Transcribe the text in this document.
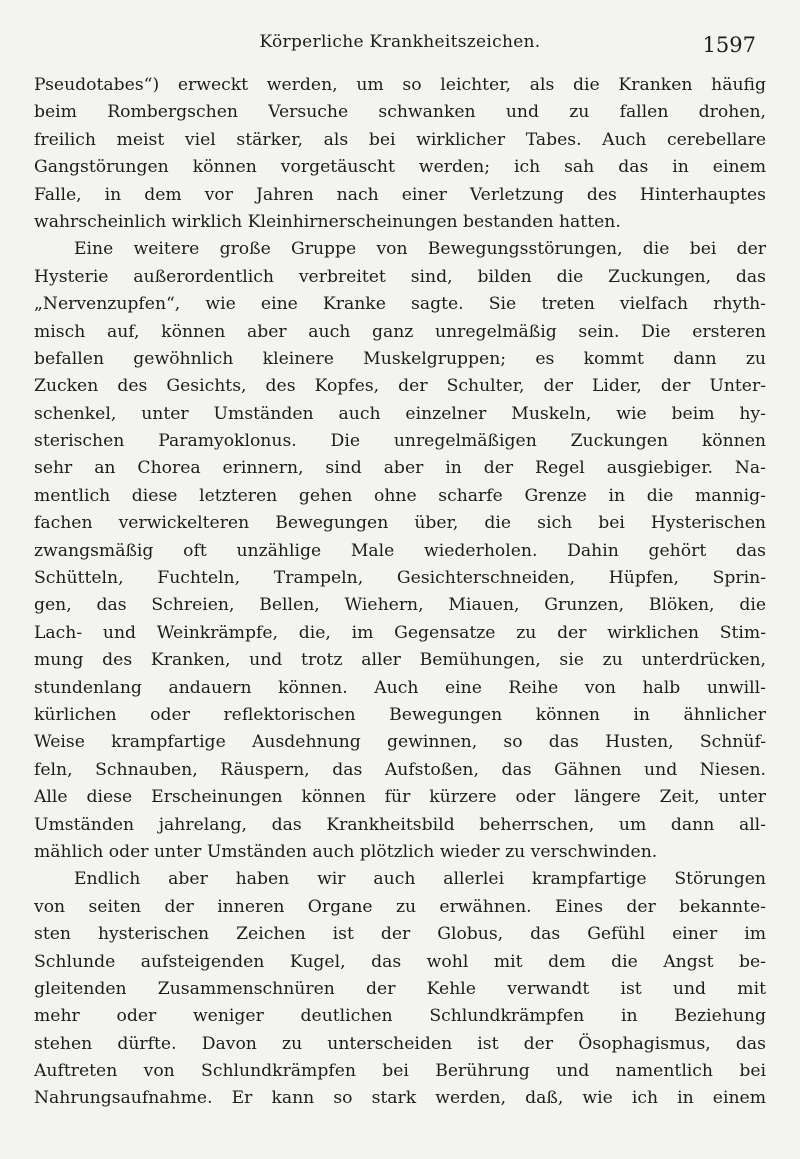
Körperliche Krankheitszeichen.	1597
Pseudotabes“) erweckt werden, um so leichter, als die Kranken häufig
beim Rombergschen Versuche schwanken und zu fallen drohen,
freilich meist viel stärker, als bei wirklicher Tabes. Auch cerebellare
Gangstörungen können vorgetäuscht werden; ich sah das in einem
Falle, in dem vor Jahren nach einer Verletzung des Hinterhauptes
wahrscheinlich wirklich Kleinhirnerscheinungen bestanden hatten.
Eine weitere große Gruppe von Bewegungsstörungen, die bei der
Hysterie außerordentlich verbreitet sind, bilden die Zuckungen, das
„Nervenzupfen“, wie eine Kranke sagte. Sie treten vielfach rhyth-
misch auf, können aber auch ganz unregelmäßig sein. Die ersteren
befallen gewöhnlich kleinere Muskelgruppen; es kommt dann zu
Zucken des Gesichts, des Kopfes, der Schulter, der Lider, der Unter-
schenkel, unter Umständen auch einzelner Muskeln, wie beim hy-
sterischen Paramyoklonus. Die unregelmäßigen Zuckungen können
sehr an Chorea erinnern, sind aber in der Regel ausgiebiger. Na-
mentlich diese letzteren gehen ohne scharfe Grenze in die mannig-
fachen verwickelteren Bewegungen über, die sich bei Hysterischen
zwangsmäßig oft unzählige Male wiederholen. Dahin gehört das
Schütteln, Fuchteln, Trampeln, Gesichterschneiden, Hüpfen, Sprin-
gen, das Schreien, Bellen, Wiehern, Miauen, Grunzen, Blöken, die
Lach- und Weinkrämpfe, die, im Gegensatze zu der wirklichen Stim-
mung des Kranken, und trotz aller Bemühungen, sie zu unterdrücken,
stundenlang andauern können. Auch eine Reihe von halb unwill-
kürlichen oder reflektorischen Bewegungen können in ähnlicher
Weise krampfartige Ausdehnung gewinnen, so das Husten, Schnüf-
feln, Schnauben, Räuspern, das Aufstoßen, das Gähnen und Niesen.
Alle diese Erscheinungen können für kürzere oder längere Zeit, unter
Umständen jahrelang, das Krankheitsbild beherrschen, um dann all-
mählich oder unter Umständen auch plötzlich wieder zu verschwinden.
Endlich aber haben wir auch allerlei krampfartige Störungen
von seiten der inneren Organe zu erwähnen. Eines der bekannte-
sten hysterischen Zeichen ist der Globus, das Gefühl einer im
Schlunde aufsteigenden Kugel, das wohl mit dem die Angst be-
gleitenden Zusammenschnüren der Kehle verwandt ist und mit
mehr oder weniger deutlichen Schlundkrämpfen in Beziehung
stehen dürfte. Davon zu unterscheiden ist der Ösophagismus, das
Auftreten von Schlundkrämpfen bei Berührung und namentlich bei
Nahrungsaufnahme. Er kann so stark werden, daß, wie ich in einem
